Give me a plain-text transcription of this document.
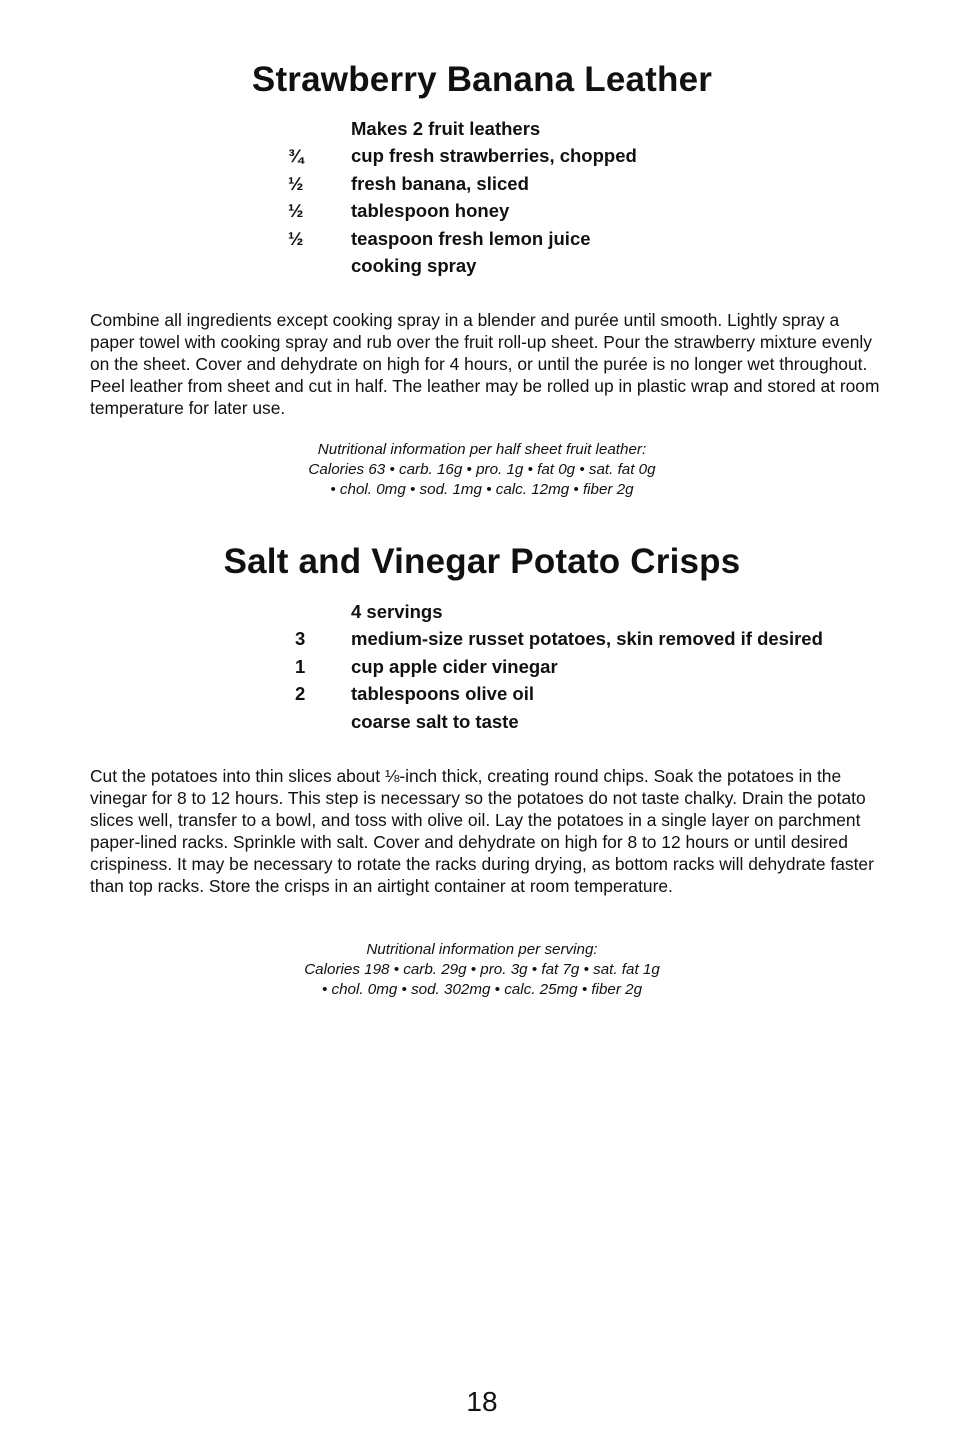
Strawberry Banana Leather
Makes 2 fruit leathers
¾	cup fresh strawberries, chopped
½	fresh banana, sliced
½	tablespoon honey
½	teaspoon fresh lemon juice
cooking spray

Combine all ingredients except cooking spray in a blender and purée until smooth. Lightly spray a paper towel with cooking spray and rub over the fruit roll-up sheet. Pour the strawberry mixture evenly on the sheet. Cover and dehydrate on high for 4 hours, or until the purée is no longer wet throughout. Peel leather from sheet and cut in half. The leather may be rolled up in plastic wrap and stored at room temperature for later use.

Nutritional information per half sheet fruit leather:
Calories 63 • carb. 16g • pro. 1g • fat 0g • sat. fat 0g
• chol. 0mg • sod. 1mg • calc. 12mg • fiber 2g
Salt and Vinegar Potato Crisps
4 servings
3	medium-size russet potatoes, skin removed if desired
1	cup apple cider vinegar
2	tablespoons olive oil
coarse salt to taste

Cut the potatoes into thin slices about ⅛-inch thick, creating round chips. Soak the potatoes in the vinegar for 8 to 12 hours. This step is necessary so the potatoes do not taste chalky. Drain the potato slices well, transfer to a bowl, and toss with olive oil. Lay the potatoes in a single layer on parchment paper-lined racks. Sprinkle with salt. Cover and dehydrate on high for 8 to 12 hours or until desired crispiness. It may be necessary to rotate the racks during drying, as bottom racks will dehydrate faster than top racks. Store the crisps in an airtight container at room temperature.

Nutritional information per serving:
Calories 198 • carb. 29g • pro. 3g • fat 7g • sat. fat 1g
• chol. 0mg • sod. 302mg • calc. 25mg • fiber 2g
18
